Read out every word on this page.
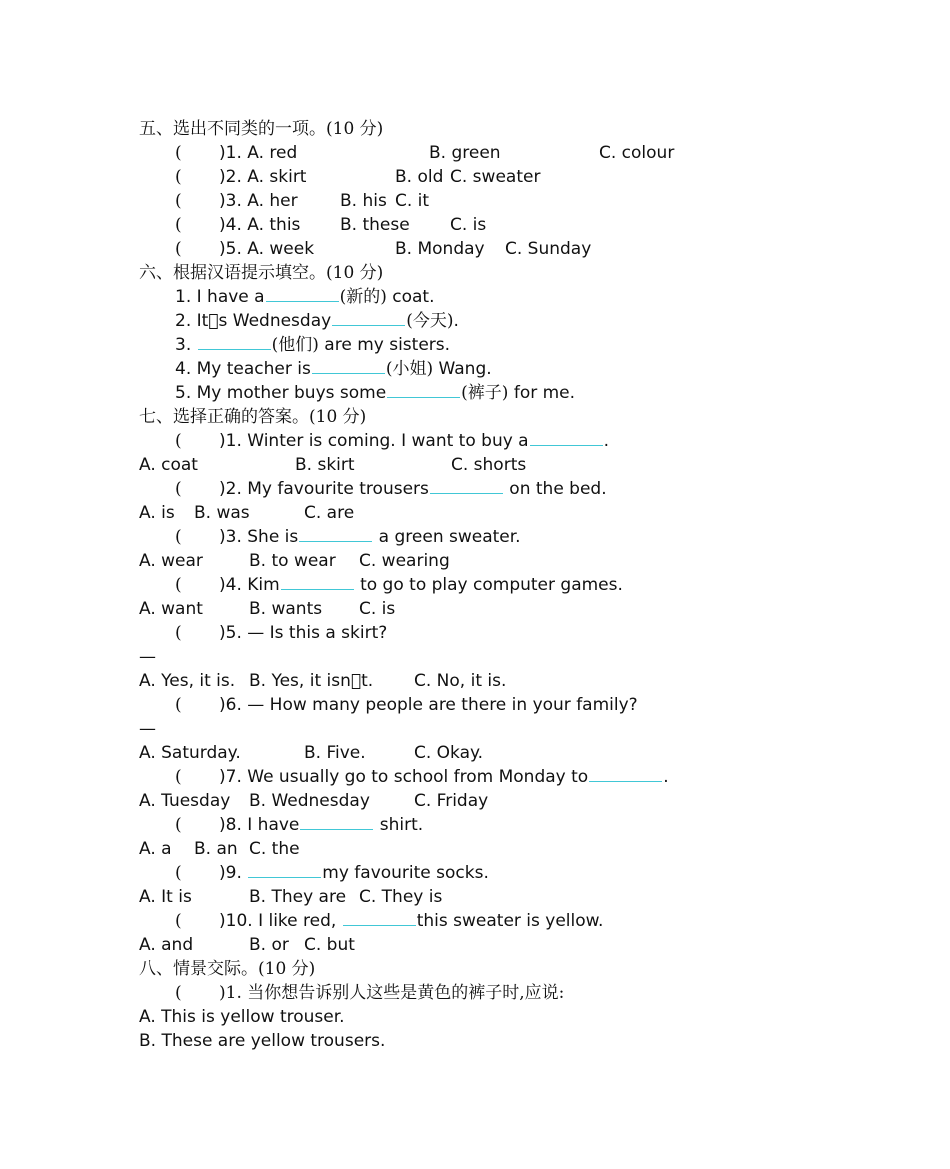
五、选出不同类的一项。(10 分)
( )1. A. red	B. green	C. colour
( )2. A. skirt	B. old C. sweater
( )3. A. her B. his C. it
( )4. A. this B. these C. is
( )5. A. week	B. Monday C. Sunday
六、根据汉语提示填空。(10 分)
1. I have a	(新的) coat.
2. It s Wednesday	(今天).
3.	(他们) are my sisters.
4. My teacher is	(小姐) Wang.
5. My mother buys some	(裤子) for me.
七、选择正确的答案。(10 分)
( )1. Winter is coming. I want to buy a	.
A. coat	B. skirt	C. shorts
( )2. My favourite trousers	on the bed.
A. is B. was	C. are
( )3. She is	a green sweater.
A. wear	B. to wear C. wearing
( )4. Kim	to go to play computer games.
A. want	B. wants C. is
( )5. — Is this a skirt?
—
A. Yes, it is. B. Yes, it isn t. C. No, it is.
( )6. — How many people are there in your family?
—
A. Saturday.	B. Five.	C. Okay.
( )7. We usually go to school from Monday to	.
A. Tuesday B. Wednesday	C. Friday
( )8. I have	shirt.
A. a B. an C. the
( )9.	my favourite socks.
A. It is	B. They are C. They is
( )10. I like red,	this sweater is yellow.
A. and	B. or C. but
八、情景交际。(10 分)
( )1. 当你想告诉别人这些是黄色的裤子时,应说:
A. This is yellow trouser.
B. These are yellow trousers.
